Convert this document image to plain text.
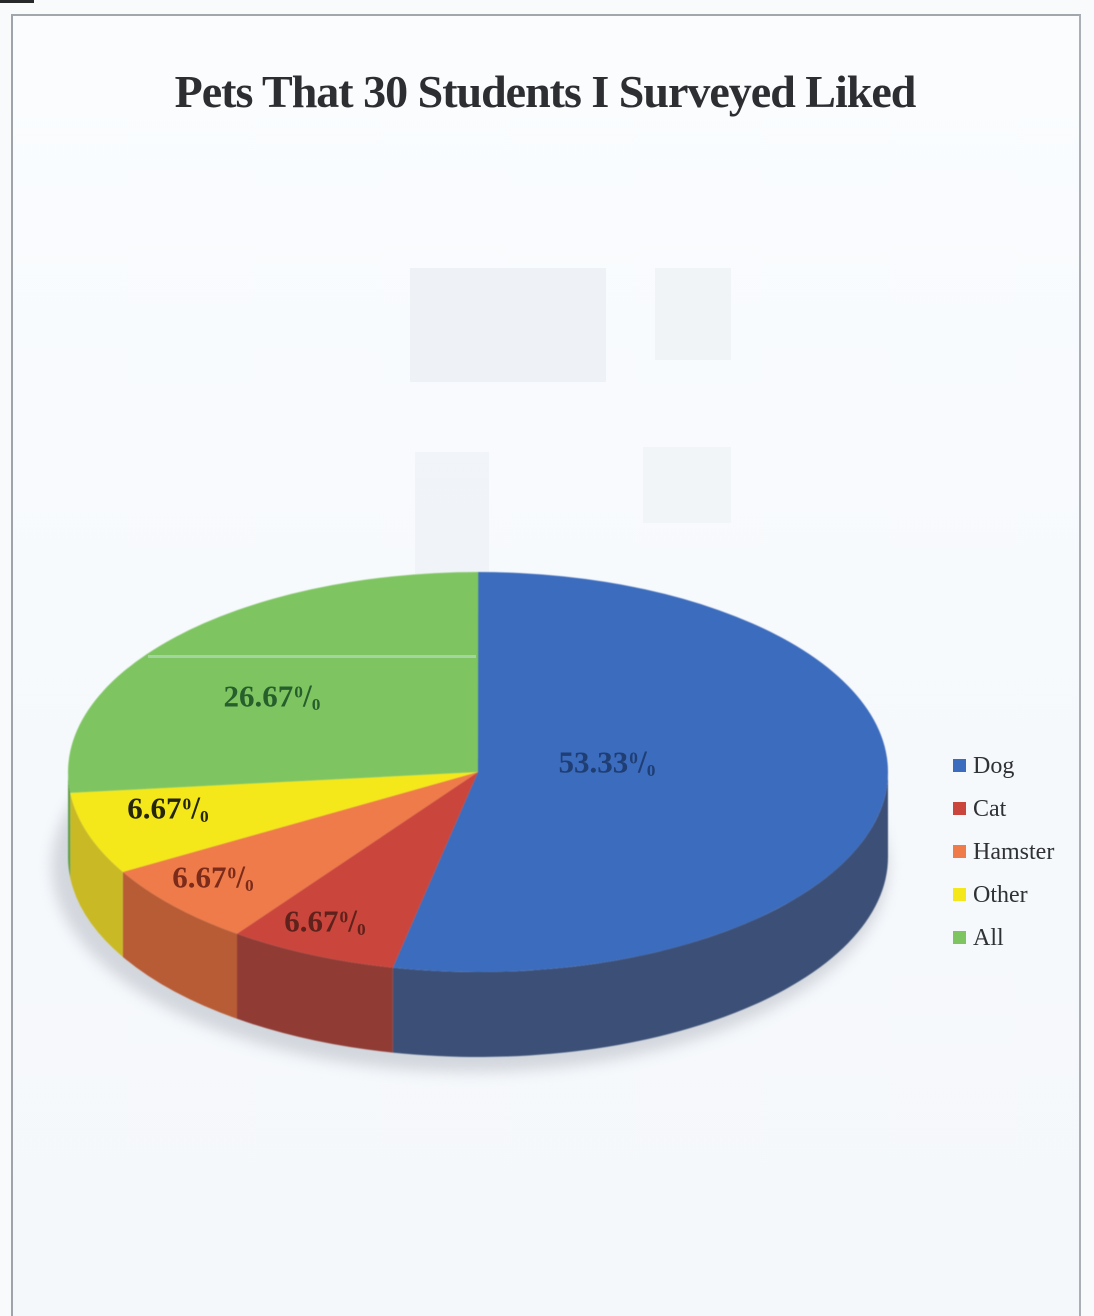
Pets That 30 Students I Surveyed Liked
$53.33^0/_0$
$6.67^0/_0$
$6.67^0/_0$
$6.67^0/_0$
$26.67^0/_0$
Dog
Cat
Hamster
Other
All
